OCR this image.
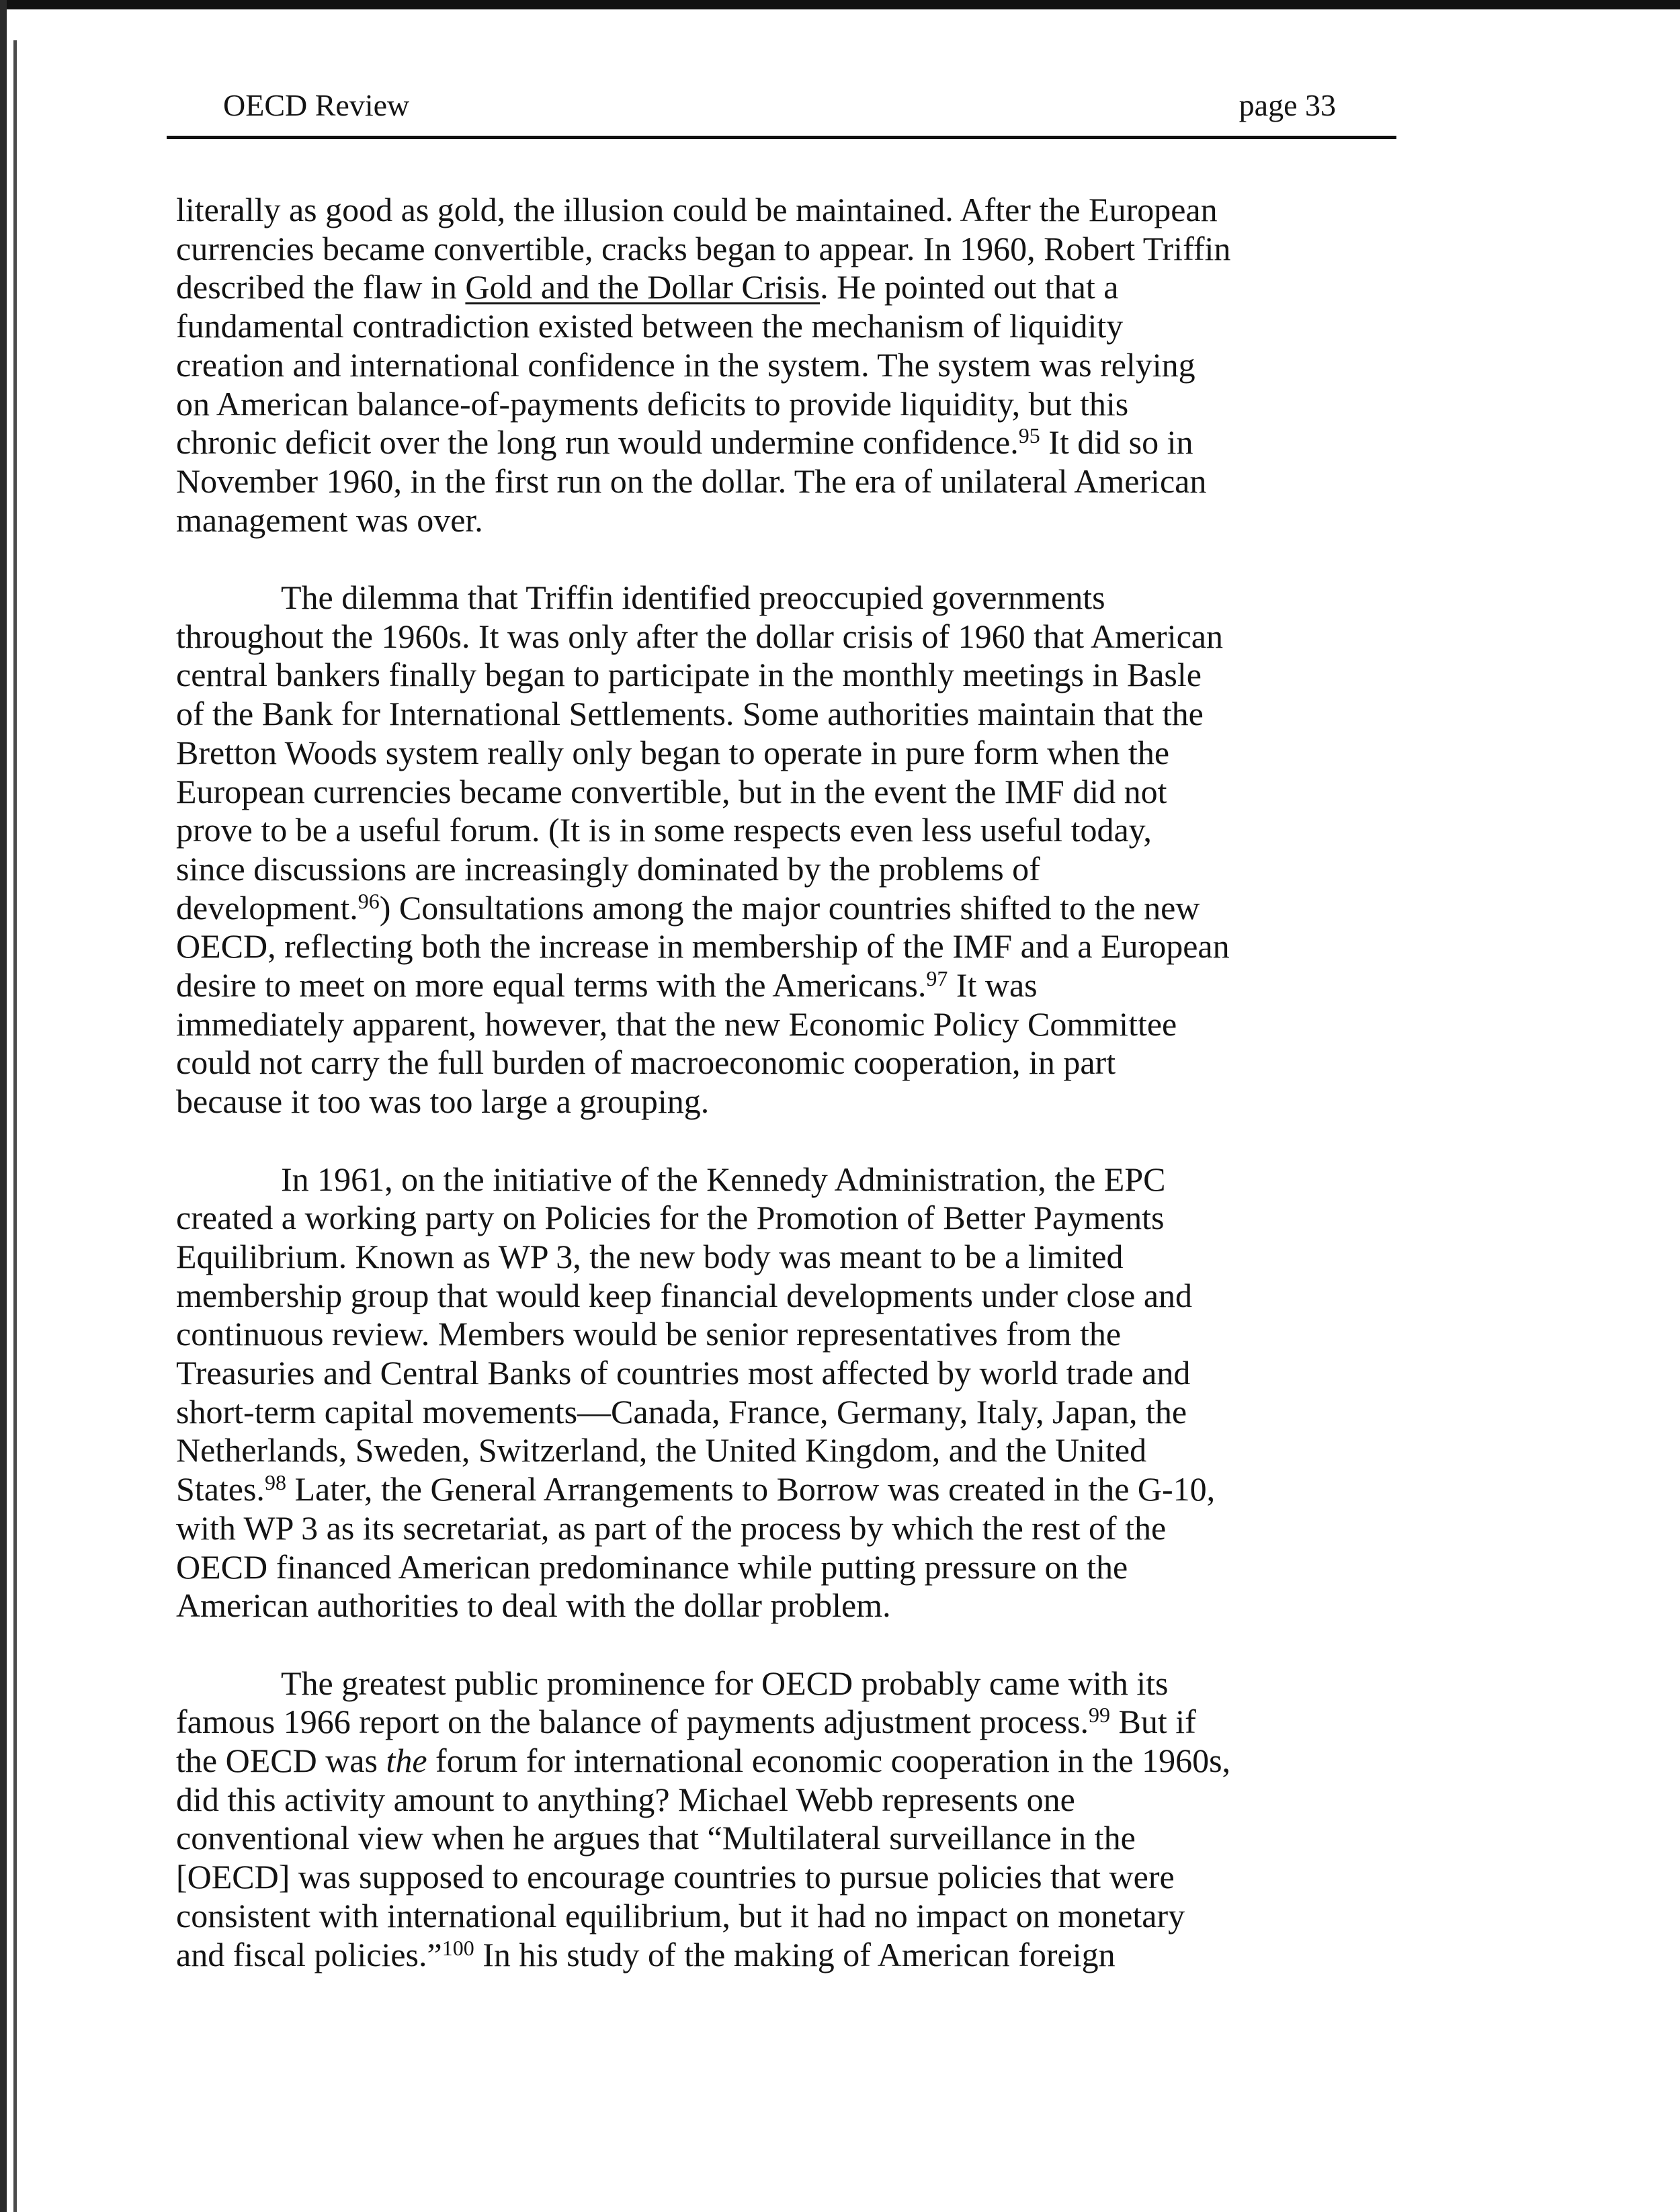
OECD Review	page 33

literally as good as gold, the illusion could be maintained. After the European
currencies became convertible, cracks began to appear. In 1960, Robert Triffin
described the flaw in Gold and the Dollar Crisis. He pointed out that a
fundamental contradiction existed between the mechanism of liquidity
creation and international confidence in the system. The system was relying
on American balance-of-payments deficits to provide liquidity, but this
chronic deficit over the long run would undermine confidence.$^{95}$ It did so in
November 1960, in the first run on the dollar. The era of unilateral American
management was over.

The dilemma that Triffin identified preoccupied governments
throughout the 1960s. It was only after the dollar crisis of 1960 that American
central bankers finally began to participate in the monthly meetings in Basle
of the Bank for International Settlements. Some authorities maintain that the
Bretton Woods system really only began to operate in pure form when the
European currencies became convertible, but in the event the IMF did not
prove to be a useful forum. (It is in some respects even less useful today,
since discussions are increasingly dominated by the problems of
development.$^{96}$) Consultations among the major countries shifted to the new
OECD, reflecting both the increase in membership of the IMF and a European
desire to meet on more equal terms with the Americans.$^{97}$ It was
immediately apparent, however, that the new Economic Policy Committee
could not carry the full burden of macroeconomic cooperation, in part
because it too was too large a grouping.

In 1961, on the initiative of the Kennedy Administration, the EPC
created a working party on Policies for the Promotion of Better Payments
Equilibrium. Known as WP 3, the new body was meant to be a limited
membership group that would keep financial developments under close and
continuous review. Members would be senior representatives from the
Treasuries and Central Banks of countries most affected by world trade and
short-term capital movements—Canada, France, Germany, Italy, Japan, the
Netherlands, Sweden, Switzerland, the United Kingdom, and the United
States.$^{98}$ Later, the General Arrangements to Borrow was created in the G-10,
with WP 3 as its secretariat, as part of the process by which the rest of the
OECD financed American predominance while putting pressure on the
American authorities to deal with the dollar problem.

The greatest public prominence for OECD probably came with its
famous 1966 report on the balance of payments adjustment process.$^{99}$ But if
the OECD was the forum for international economic cooperation in the 1960s,
did this activity amount to anything? Michael Webb represents one
conventional view when he argues that “Multilateral surveillance in the
[OECD] was supposed to encourage countries to pursue policies that were
consistent with international equilibrium, but it had no impact on monetary
and fiscal policies.”$^{100}$ In his study of the making of American foreign
